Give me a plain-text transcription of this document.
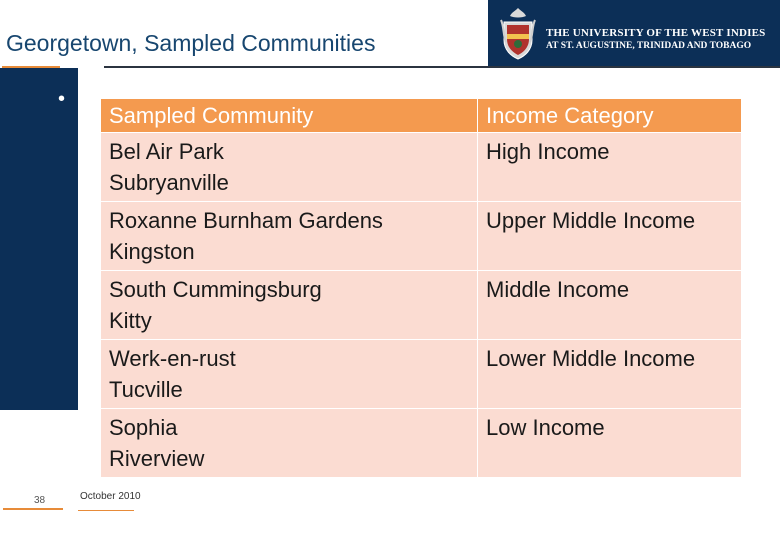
Georgetown, Sampled Communities
•
THE UNIVERSITY OF THE WEST INDIES
AT ST. AUGUSTINE, TRINIDAD AND TOBAGO
Sampled Community	Income Category

Bel Air Park
Subryanville	High Income

Roxanne Burnham Gardens
Kingston	Upper Middle Income

South Cummingsburg
Kitty	Middle Income

Werk-en-rust
Tucville	Lower Middle Income

Sophia
Riverview	Low Income
38	October 2010
